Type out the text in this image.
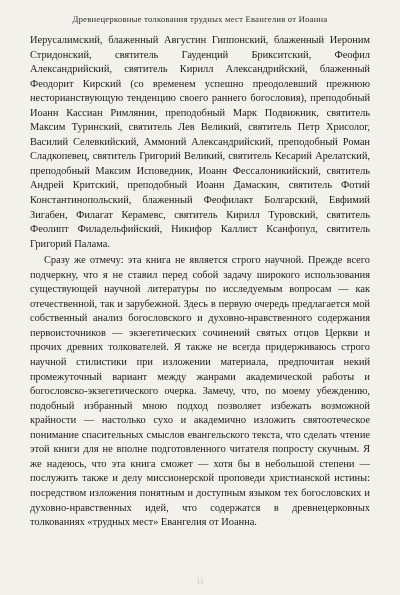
Древнецерковные толкования трудных мест Евангелия от Иоанна

Иерусалимский, блаженный Августин Гиппонский, блаженный Иероним Стридонский, святитель Гауденций Брикситский, Феофил Александрийский, святитель Кирилл Александрийский, блаженный Феодорит Кирский (со временем успешно преодолевший прежнюю несторианствующую тенденцию своего раннего богословия), преподобный Иоанн Кассиан Римлянин, преподобный Марк Подвижник, святитель Максим Туринский, святитель Лев Великий, святитель Петр Хрисолог, Василий Селевкийский, Аммоний Александрийский, преподобный Роман Сладкопевец, святитель Григорий Великий, святитель Кесарий Арелатский, преподобный Максим Исповедник, Иоанн Фессалоникийский, святитель Андрей Критский, преподобный Иоанн Дамаскин, святитель Фотий Константинопольский, блаженный Феофилакт Болгарский, Евфимий Зигабен, Филагат Керамевс, святитель Кирилл Туровский, святитель Феолипт Филадельфийский, Никифор Каллист Ксанфопул, святитель Григорий Палама.

Сразу же отмечу: эта книга не является строго научной. Прежде всего подчеркну, что я не ставил перед собой задачу широкого использования существующей научной литературы по исследуемым вопросам — как отечественной, так и зарубежной. Здесь в первую очередь предлагается мой собственный анализ богословского и духовно-нравственного содержания первоисточников — экзегетических сочинений святых отцов Церкви и прочих древних толкователей. Я также не всегда придерживаюсь строго научной стилистики при изложении материала, предпочитая некий промежуточный вариант между жанрами академической работы и богословско-экзегетического очерка. Замечу, что, по моему убеждению, подобный избранный мною подход позволяет избежать возможной крайности — настолько сухо и академично изложить святоотеческое понимание спасительных смыслов евангельского текста, что сделать чтение этой книги для не вполне подготовленного читателя попросту скучным. Я же надеюсь, что эта книга сможет — хотя бы в небольшой степени — послужить также и делу миссионерской проповеди христианской истины: посредством изложения понятным и доступным языком тех богословских и духовно-нравственных идей, что содержатся в древнецерковных толкованиях «трудных мест» Евангелия от Иоанна.

11
